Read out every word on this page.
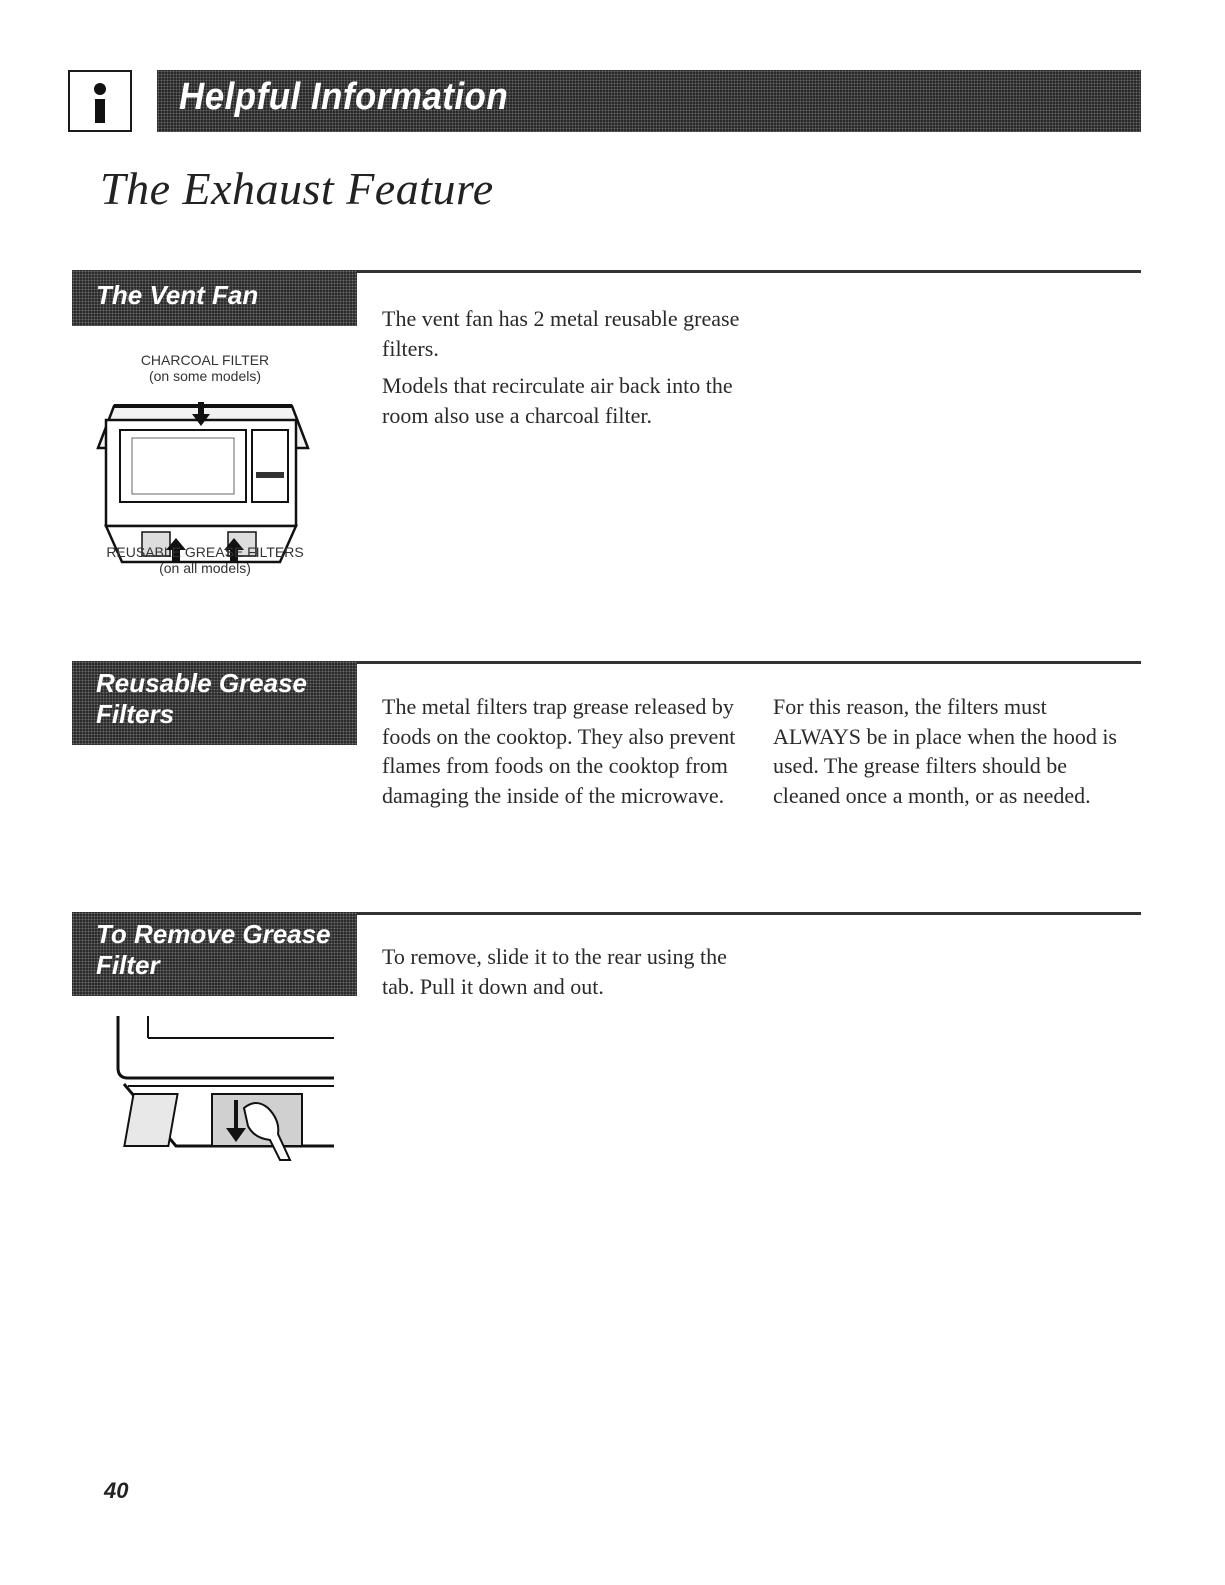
Helpful Information
The Exhaust Feature
The Vent Fan

The vent fan has 2 metal reusable grease filters.

Models that recirculate air back into the room also use a charcoal filter.

CHARCOAL FILTER
(on some models)
REUSABLE GREASE FILTERS
(on all models)
Reusable Grease
Filters	The metal filters trap grease released by foods on the cooktop. They also prevent flames from foods on the cooktop from damaging the inside of the microwave.
For this reason, the filters must ALWAYS be in place when the hood is used. The grease filters should be cleaned once a month, or as needed.
To Remove Grease
Filter	To remove, slide it to the rear using the tab. Pull it down and out.
40
